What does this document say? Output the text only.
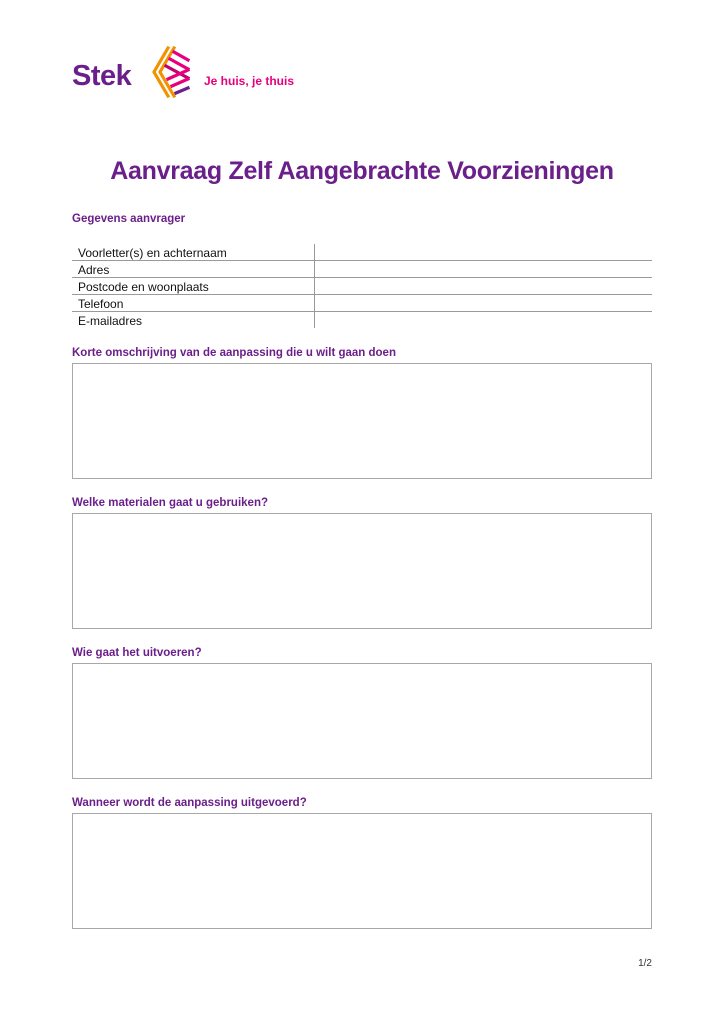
Stek	Je huis, je thuis
Aanvraag Zelf Aangebrachte Voorzieningen
Gegevens aanvrager
Voorletter(s) en achternaam	
Adres	
Postcode en woonplaats	
Telefoon	
E-mailadres	
Korte omschrijving van de aanpassing die u wilt gaan doen
Welke materialen gaat u gebruiken?
Wie gaat het uitvoeren?
Wanneer wordt de aanpassing uitgevoerd?
1/2
